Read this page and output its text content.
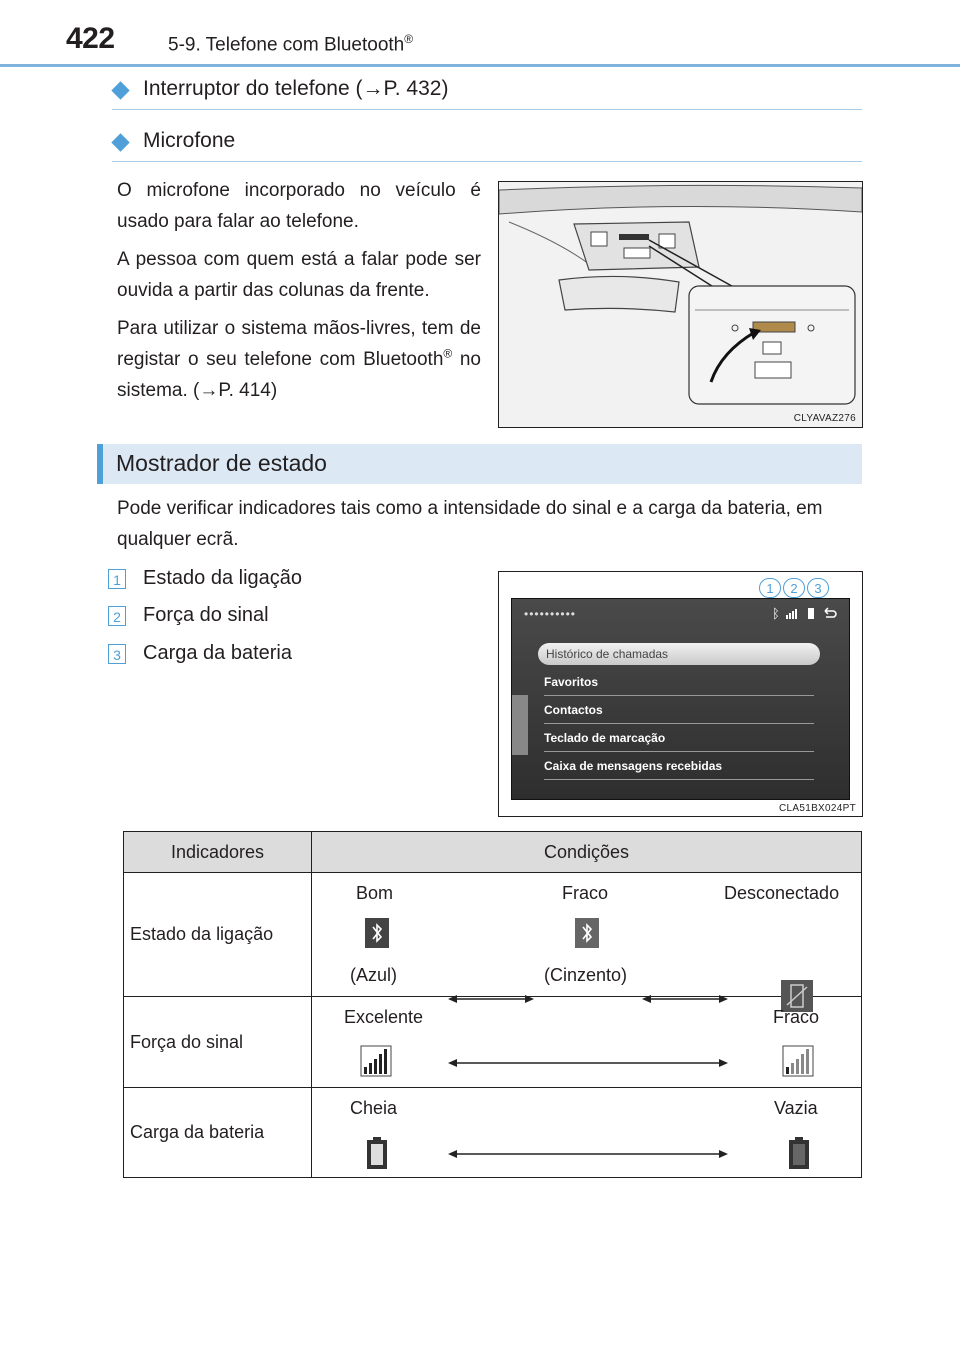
422	5-9. Telefone com Bluetooth®
Interruptor do telefone (→P. 432)
Microfone
O microfone incorporado no veículo é usado para falar ao telefone.
A pessoa com quem está a falar pode ser ouvida a partir das colunas da frente.
Para utilizar o sistema mãos-livres, tem de registar o seu telefone com Bluetooth® no sistema. (→P. 414)
CLYAVAZ276
Mostrador de estado
Pode verificar indicadores tais como a intensidade do sinal e a carga da bateria, em qualquer ecrã.
1 Estado da ligação
2 Força do sinal
3 Carga da bateria
1	2	3
••••••••••	ᛒ
Histórico de chamadas
Favoritos
Contactos
Teclado de marcação
Caixa de mensagens recebidas
CLA51BX024PT
Indicadores	Condições
Estado da ligação	Bom Fraco Desconectado
(Azul) (Cinzento)

Força do sinal	Excelente Fraco

Carga da bateria	Cheia Vazia
